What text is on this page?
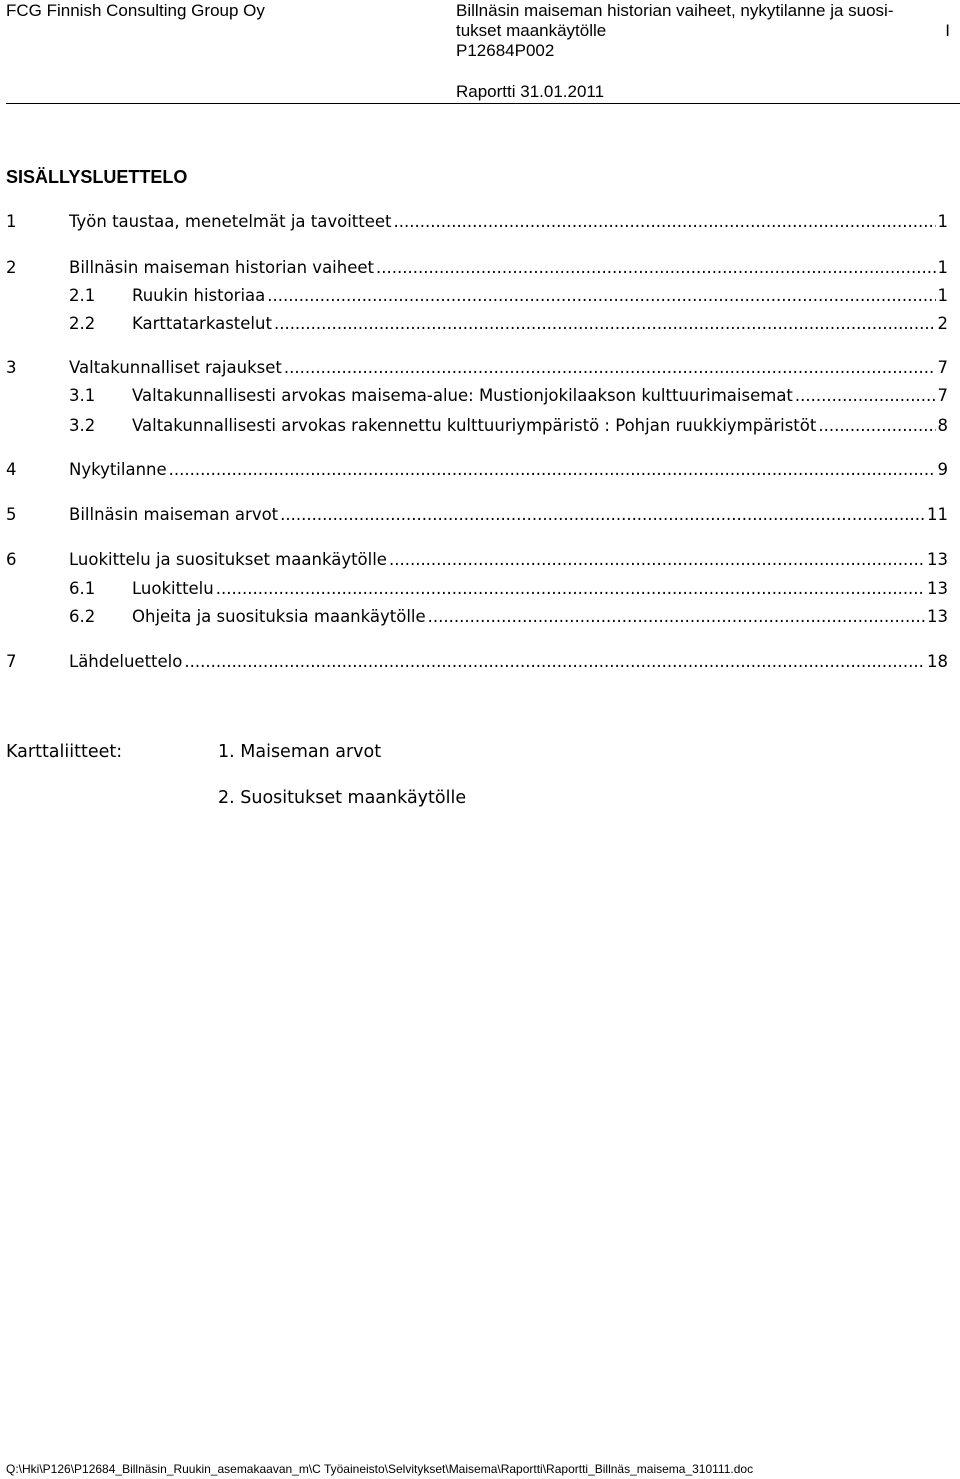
FCG Finnish Consulting Group Oy	Billnäsin maiseman historian vaiheet, nykytilanne ja suosi-
tukset maankäytölle	I
P12684P002
Raportti 31.01.2011
SISÄLLYSLUETTELO
1	Työn taustaa, menetelmät ja tavoitteet .....	1
2	Billnäsin maiseman historian vaiheet .....	1
2.1	Ruukin historiaa .....	1
2.2	Karttatarkastelut .....	2
3	Valtakunnalliset rajaukset .....	7
3.1	Valtakunnallisesti arvokas maisema-alue: Mustionjokilaakson kulttuurimaisemat .....	7
3.2	Valtakunnallisesti arvokas rakennettu kulttuuriympäristö : Pohjan ruukkiympäristöt .....	8
4	Nykytilanne .....	9
5	Billnäsin maiseman arvot .....	11
6	Luokittelu ja suositukset maankäytölle .....	13
6.1	Luokittelu .....	13
6.2	Ohjeita ja suosituksia maankäytölle .....	13
7	Lähdeluettelo .....	18
Karttaliitteet:	1. Maiseman arvot
2. Suositukset maankäytölle
Q:\Hki\P126\P12684_Billnäsin_Ruukin_asemakaavan_m\C Työaineisto\Selvitykset\Maisema\Raportti\Raportti_Billnäs_maisema_310111.doc
